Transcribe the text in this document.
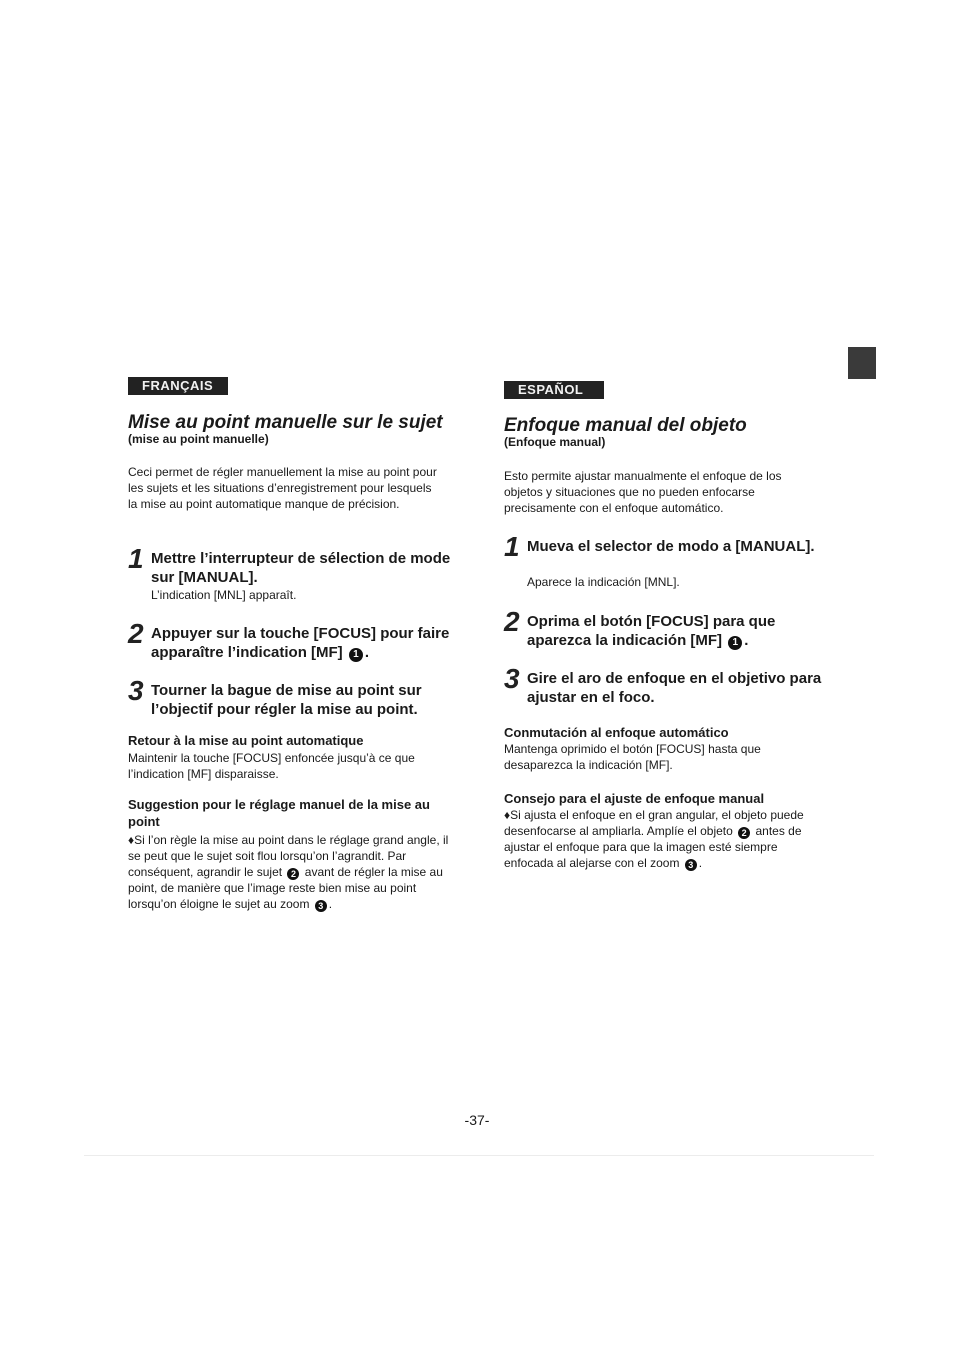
FRANÇAIS
Mise au point manuelle sur le sujet
(mise au point manuelle)
Ceci permet de régler manuellement la mise au point pour les sujets et les situations d’enregistrement pour lesquels la mise au point automatique manque de précision.
1 Mettre l’interrupteur de sélection de mode sur [MANUAL].
L’indication [MNL] apparaît.
2 Appuyer sur la touche [FOCUS] pour faire apparaître l’indication [MF] 1 .
3 Tourner la bague de mise au point sur l’objectif pour régler la mise au point.
Retour à la mise au point automatique
Maintenir la touche [FOCUS] enfoncée jusqu’à ce que l’indication [MF] disparaisse.
Suggestion pour le réglage manuel de la mise au point
♦Si l’on règle la mise au point dans le réglage grand angle, il se peut que le sujet soit flou lorsqu’on l’agrandit. Par conséquent, agrandir le sujet 2 avant de régler la mise au point, de manière que l’image reste bien mise au point lorsqu’on éloigne le sujet au zoom 3 .
ESPAÑOL
Enfoque manual del objeto
(Enfoque manual)
Esto permite ajustar manualmente el enfoque de los objetos y situaciones que no pueden enfocarse precisamente con el enfoque automático.
1 Mueva el selector de modo a [MANUAL].
Aparece la indicación [MNL].
2 Oprima el botón [FOCUS] para que aparezca la indicación [MF] 1 .
3 Gire el aro de enfoque en el objetivo para ajustar en el foco.
Conmutación al enfoque automático
Mantenga oprimido el botón [FOCUS] hasta que desaparezca la indicación [MF].
Consejo para el ajuste de enfoque manual
♦Si ajusta el enfoque en el gran angular, el objeto puede desenfocarse al ampliarla. Amplíe el objeto 2 antes de ajustar el enfoque para que la imagen esté siempre enfocada al alejarse con el zoom 3 .
-37-
